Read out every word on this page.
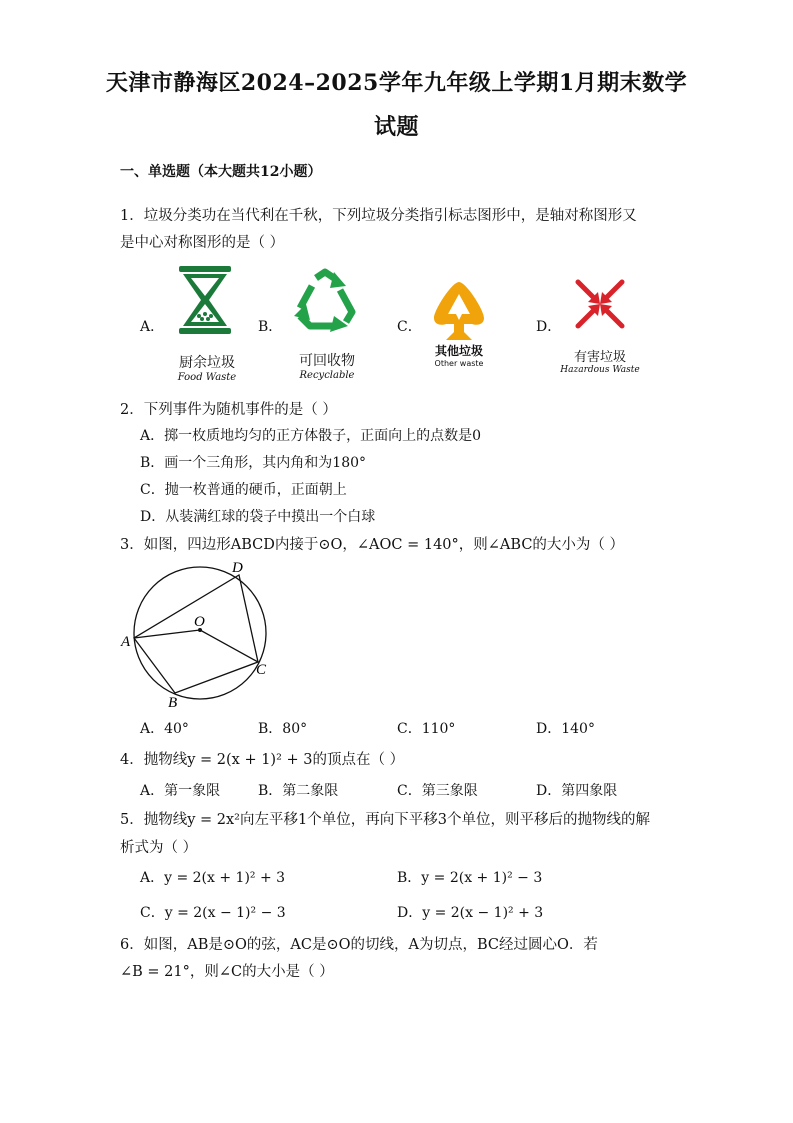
天津市静海区2024–2025学年九年级上学期1月期末数学
试题
一、单选题（本大题共12小题）
1．垃圾分类功在当代利在千秋，下列垃圾分类指引标志图形中，是轴对称图形又
是中心对称图形的是（ ）
A．	B．	C．	D．
厨余垃圾
Food Waste
可回收物
Recyclable
其他垃圾
Other waste	有害垃圾
Hazardous Waste
2．下列事件为随机事件的是（ ）
A．掷一枚质地均匀的正方体骰子，正面向上的点数是0
B．画一个三角形，其内角和为180°
C．抛一枚普通的硬币，正面朝上
D．从装满红球的袋子中摸出一个白球
3．如图，四边形ABCD内接于⊙O，∠AOC = 140°，则∠ABC的大小为（ ）
A
B
C
D
O
A．40°	B．80°	C．110°	D．140°
4．抛物线y = 2(x + 1)² + 3的顶点在（ ）
A．第一象限	B．第二象限	C．第三象限	D．第四象限
5．抛物线y = 2x²向左平移1个单位，再向下平移3个单位，则平移后的抛物线的解
析式为（ ）
A．y = 2(x + 1)² + 3	B．y = 2(x + 1)² − 3
C．y = 2(x − 1)² − 3	D．y = 2(x − 1)² + 3
6．如图，AB是⊙O的弦，AC是⊙O的切线，A为切点，BC经过圆心O．若
∠B = 21°，则∠C的大小是（ ）
